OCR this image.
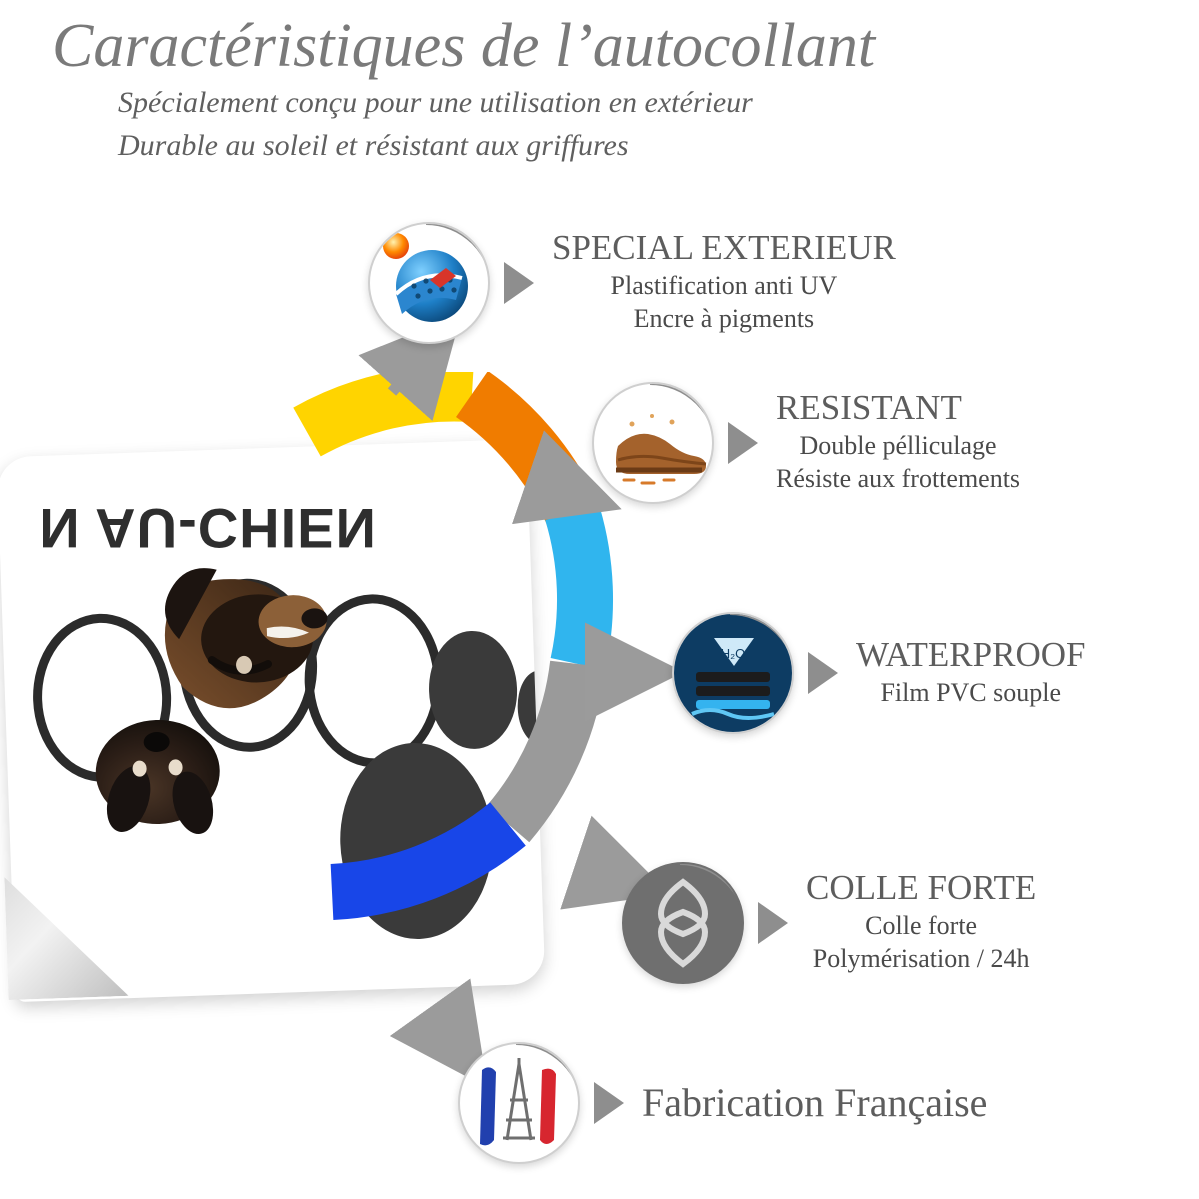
Caractéristiques de l’autocollant

Spécialement conçu pour une utilisation en extérieur

Durable au soleil et résistant aux griffures

N AU-CHIEN
SPECIAL EXTERIEUR
Plastification anti UV
Encre à pigments
RESISTANT
Double pélliculage
Résiste aux frottements
H₂O	WATERPROOF
Film PVC souple
COLLE FORTE
Colle forte
Polymérisation / 24h
Fabrication Française
